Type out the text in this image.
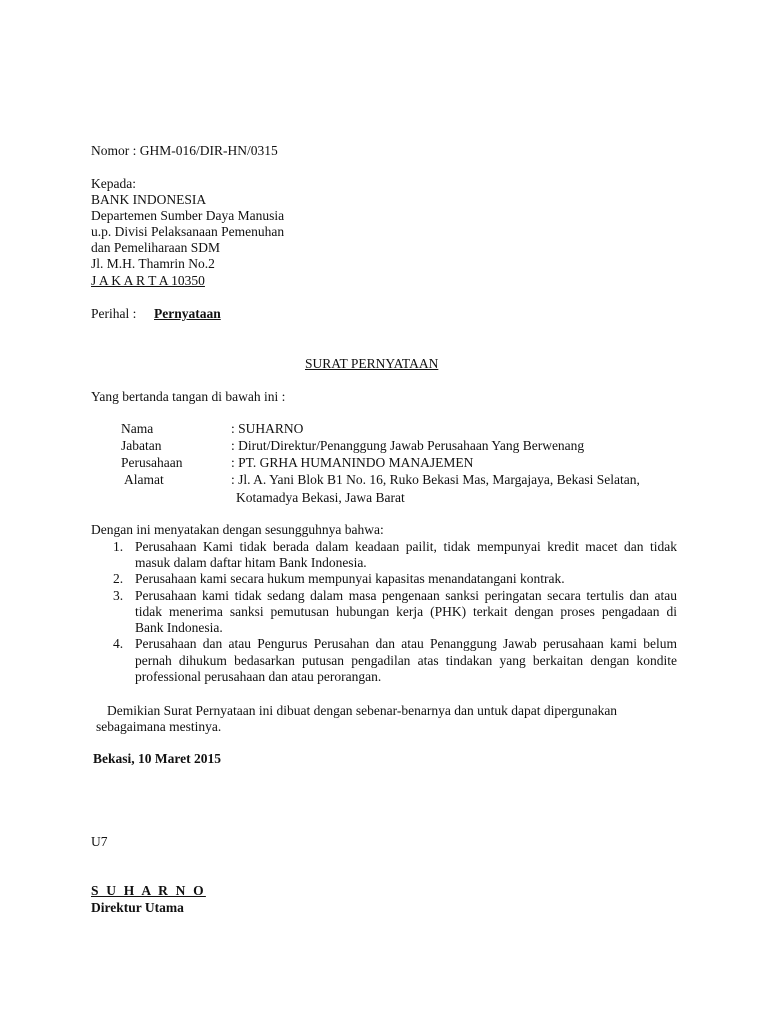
Nomor : GHM-016/DIR-HN/0315
Kepada:
BANK INDONESIA
Departemen Sumber Daya Manusia
u.p. Divisi Pelaksanaan Pemenuhan
dan Pemeliharaan SDM
Jl. M.H. Thamrin No.2
J A K A R T A 10350
Perihal : Pernyataan
SURAT PERNYATAAN
Yang bertanda tangan di bawah ini :
Nama	: SUHARNO
Jabatan	: Dirut/Direktur/Penanggung Jawab Perusahaan Yang Berwenang
Perusahaan	: PT. GRHA HUMANINDO MANAJEMEN
Alamat	: Jl. A. Yani Blok B1 No. 16, Ruko Bekasi Mas, Margajaya, Bekasi Selatan,
Kotamadya Bekasi, Jawa Barat
Dengan ini menyatakan dengan sesungguhnya bahwa:
1. Perusahaan Kami tidak berada dalam keadaan pailit, tidak mempunyai kredit macet dan tidak
masuk dalam daftar hitam Bank Indonesia.
2. Perusahaan kami secara hukum mempunyai kapasitas menandatangani kontrak.
3. Perusahaan kami tidak sedang dalam masa pengenaan sanksi peringatan secara tertulis dan atau
tidak menerima sanksi pemutusan hubungan kerja (PHK) terkait dengan proses pengadaan di
Bank Indonesia.
4. Perusahaan dan atau Pengurus Perusahan dan atau Penanggung Jawab perusahaan kami belum
pernah dihukum bedasarkan putusan pengadilan atas tindakan yang berkaitan dengan kondite
professional perusahaan dan atau perorangan.
Demikian Surat Pernyataan ini dibuat dengan sebenar-benarnya dan untuk dapat dipergunakan
sebagaimana mestinya.
Bekasi, 10 Maret 2015
U7
S U H A R N O
Direktur Utama
